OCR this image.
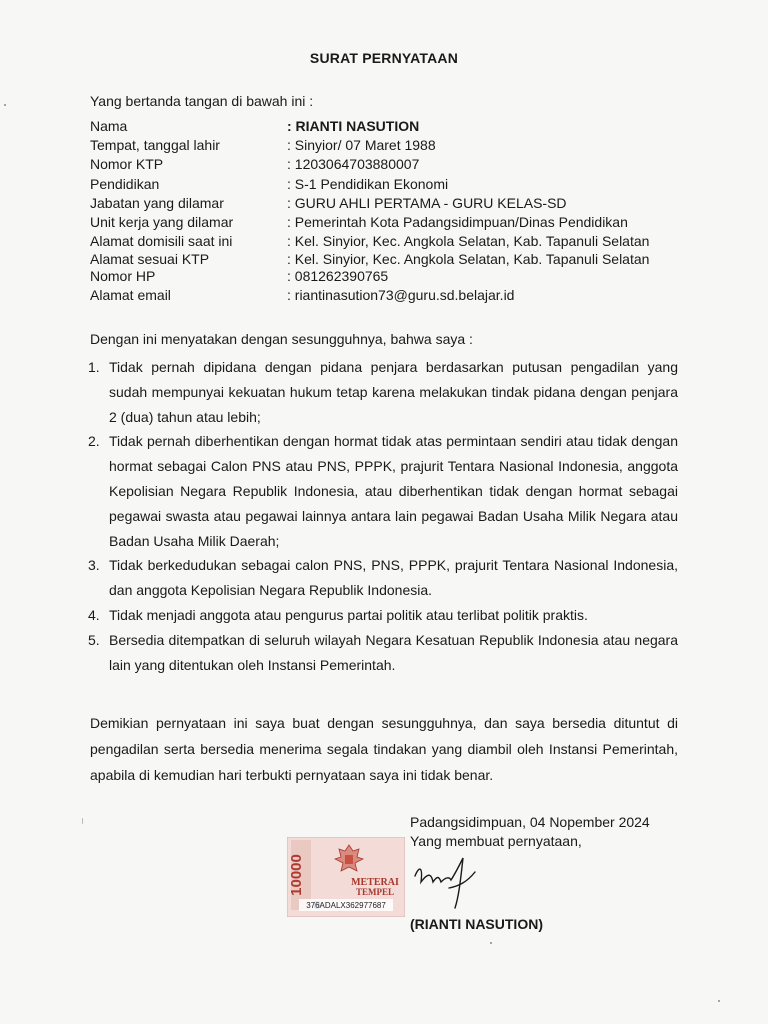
SURAT PERNYATAAN
Yang bertanda tangan di bawah ini :
Nama	: RIANTI NASUTION
Tempat, tanggal lahir	: Sinyior/ 07 Maret 1988
Nomor KTP	: 1203064703880007
Pendidikan	: S-1 Pendidikan Ekonomi
Jabatan yang dilamar	: GURU AHLI PERTAMA - GURU KELAS-SD
Unit kerja yang dilamar	: Pemerintah Kota Padangsidimpuan/Dinas Pendidikan
Alamat domisili saat ini	: Kel. Sinyior, Kec. Angkola Selatan, Kab. Tapanuli Selatan
Alamat sesuai KTP	: Kel. Sinyior, Kec. Angkola Selatan, Kab. Tapanuli Selatan
Nomor HP	: 081262390765
Alamat email	: riantinasution73@guru.sd.belajar.id
Dengan ini menyatakan dengan sesungguhnya, bahwa saya :
1. Tidak pernah dipidana dengan pidana penjara berdasarkan putusan pengadilan yang sudah mempunyai kekuatan hukum tetap karena melakukan tindak pidana dengan penjara 2 (dua) tahun atau lebih;
2. Tidak pernah diberhentikan dengan hormat tidak atas permintaan sendiri atau tidak dengan hormat sebagai Calon PNS atau PNS, PPPK, prajurit Tentara Nasional Indonesia, anggota Kepolisian Negara Republik Indonesia, atau diberhentikan tidak dengan hormat sebagai pegawai swasta atau pegawai lainnya antara lain pegawai Badan Usaha Milik Negara atau Badan Usaha Milik Daerah;
3. Tidak berkedudukan sebagai calon PNS, PNS, PPPK, prajurit Tentara Nasional Indonesia, dan anggota Kepolisian Negara Republik Indonesia.
4. Tidak menjadi anggota atau pengurus partai politik atau terlibat politik praktis.
5. Bersedia ditempatkan di seluruh wilayah Negara Kesatuan Republik Indonesia atau negara lain yang ditentukan oleh Instansi Pemerintah.
Demikian pernyataan ini saya buat dengan sesungguhnya, dan saya bersedia dituntut di pengadilan serta bersedia menerima segala tindakan yang diambil oleh Instansi Pemerintah, apabila di kemudian hari terbukti pernyataan saya ini tidak benar.
Padangsidimpuan, 04 Nopember 2024
Yang membuat pernyataan,
10000	METERAI
TEMPEL
376ADALX362977687
(RIANTI NASUTION)
